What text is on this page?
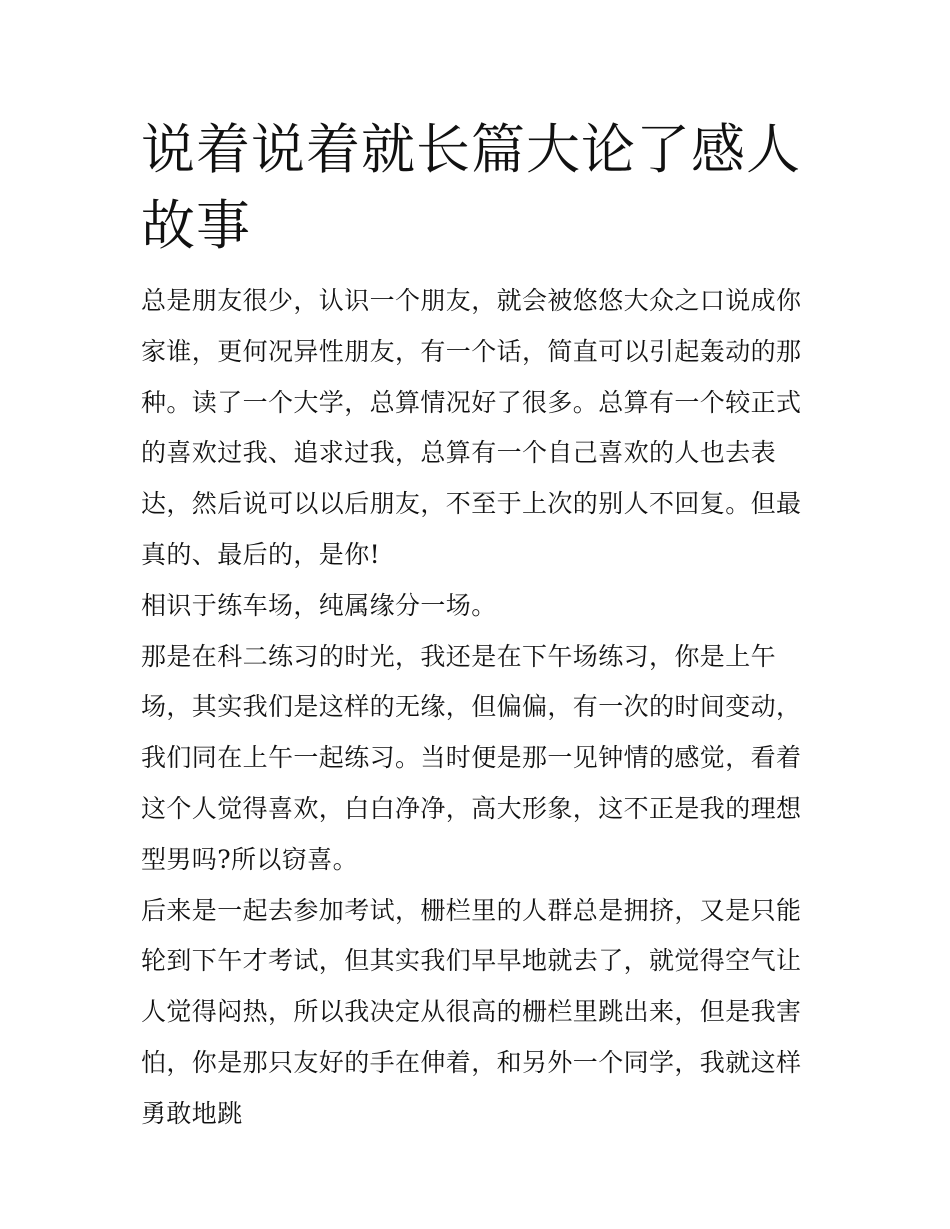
说着说着就长篇大论了感人故事

总是朋友很少，认识一个朋友，就会被悠悠大众之口说成你家谁，更何况异性朋友，有一个话，简直可以引起轰动的那种。读了一个大学，总算情况好了很多。总算有一个较正式的喜欢过我、追求过我，总算有一个自己喜欢的人也去表达，然后说可以以后朋友，不至于上次的别人不回复。但最真的、最后的，是你!

相识于练车场，纯属缘分一场。

那是在科二练习的时光，我还是在下午场练习，你是上午场，其实我们是这样的无缘，但偏偏，有一次的时间变动，我们同在上午一起练习。当时便是那一见钟情的感觉，看着这个人觉得喜欢，白白净净，高大形象，这不正是我的理想型男吗?所以窃喜。

后来是一起去参加考试，栅栏里的人群总是拥挤，又是只能轮到下午才考试，但其实我们早早地就去了，就觉得空气让人觉得闷热，所以我决定从很高的栅栏里跳出来，但是我害怕，你是那只友好的手在伸着，和另外一个同学，我就这样勇敢地跳
